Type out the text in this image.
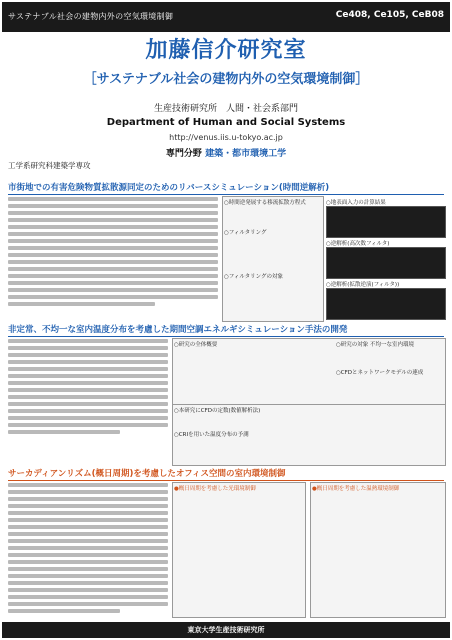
サステナブル社会の建物内外の空気環境制御	Ce408, Ce105, CeB08
加藤信介研究室
［サステナブル社会の建物内外の空気環境制御］
生産技術研究所　人間・社会系部門
Department of Human and Social Systems
http://venus.iis.u-tokyo.ac.jp
専門分野 建築・都市環境工学
工学系研究科建築学専攻
市街地での有害危険物質拡散源同定のためのリバースシミュレーション(時間逆解析)
○時間逆発展する移流拡散方程式
○フィルタリング
○フィルタリングの対象
○地表面入力の計算結果
○逆解析(高次数フィルタ)
○逆解析(拡散逆演(フィルタ))
非定常、不均一な室内温度分布を考慮した期間空調エネルギシミュレーション手法の開発
○研究の全体概要	○研究の対象 不均一な室内環境
○CFDとネットワークモデルの連成
○本研究にCFDの定数(数値解析法)
○CRIを用いた温度分布の予測
サーカディアンリズム(概日周期)を考慮したオフィス空間の室内環境制御
●概日周期を考慮した光環境制御	●概日周期を考慮した温熱環境制御
東京大学生産技術研究所
